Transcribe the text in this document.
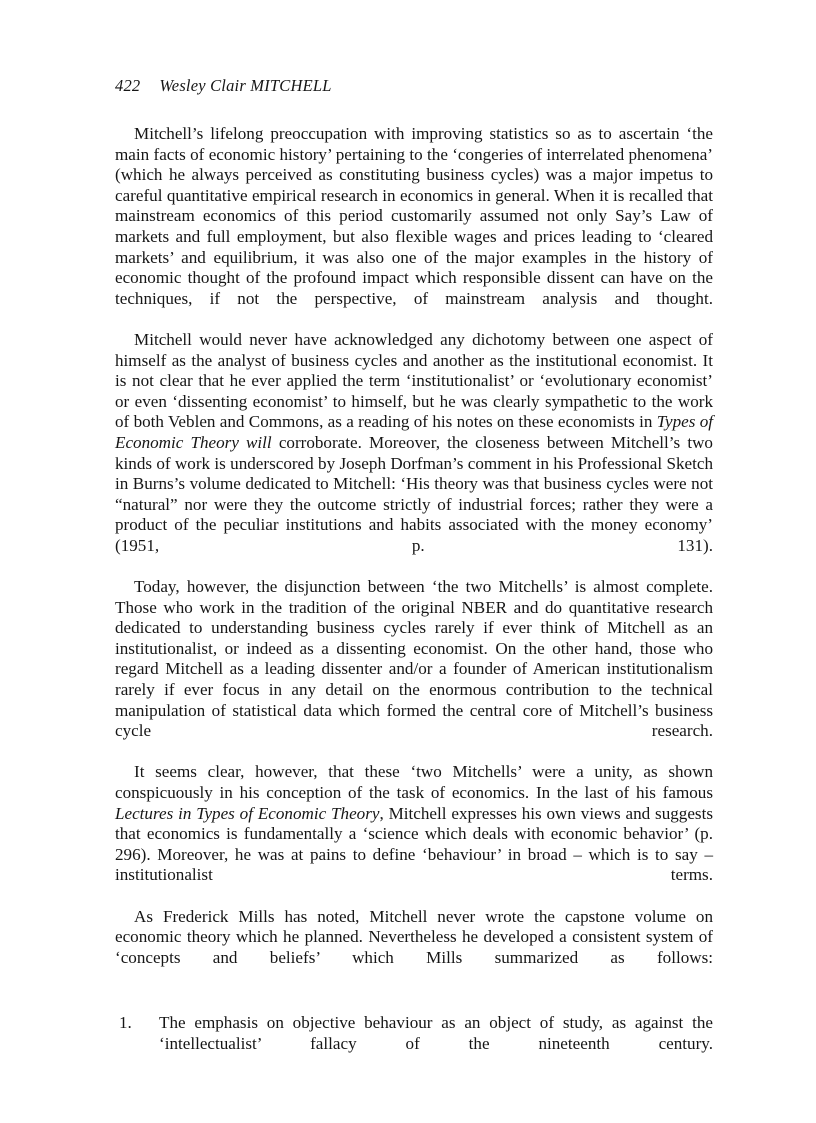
422 Wesley Clair MITCHELL

Mitchell’s lifelong preoccupation with improving statistics so as to ascertain ‘the main facts of economic history’ pertaining to the ‘congeries of interrelated phenomena’ (which he always perceived as constituting business cycles) was a major impetus to careful quantitative empirical research in economics in general. When it is recalled that mainstream economics of this period customarily assumed not only Say’s Law of markets and full employment, but also flexible wages and prices leading to ‘cleared markets’ and equilibrium, it was also one of the major examples in the history of economic thought of the profound impact which responsible dissent can have on the techniques, if not the perspective, of mainstream analysis and thought.

Mitchell would never have acknowledged any dichotomy between one aspect of himself as the analyst of business cycles and another as the institutional economist. It is not clear that he ever applied the term ‘institutionalist’ or ‘evolutionary economist’ or even ‘dissenting economist’ to himself, but he was clearly sympathetic to the work of both Veblen and Commons, as a reading of his notes on these economists in Types of Economic Theory will corroborate. Moreover, the closeness between Mitchell’s two kinds of work is underscored by Joseph Dorfman’s comment in his Professional Sketch in Burns’s volume dedicated to Mitchell: ‘His theory was that business cycles were not “natural” nor were they the outcome strictly of industrial forces; rather they were a product of the peculiar institutions and habits associated with the money economy’ (1951, p. 131).

Today, however, the disjunction between ‘the two Mitchells’ is almost complete. Those who work in the tradition of the original NBER and do quantitative research dedicated to understanding business cycles rarely if ever think of Mitchell as an institutionalist, or indeed as a dissenting economist. On the other hand, those who regard Mitchell as a leading dissenter and/or a founder of American institutionalism rarely if ever focus in any detail on the enormous contribution to the technical manipulation of statistical data which formed the central core of Mitchell’s business cycle research.

It seems clear, however, that these ‘two Mitchells’ were a unity, as shown conspicuously in his conception of the task of economics. In the last of his famous Lectures in Types of Economic Theory, Mitchell expresses his own views and suggests that economics is fundamentally a ‘science which deals with economic behavior’ (p. 296). Moreover, he was at pains to define ‘behaviour’ in broad – which is to say – institutionalist terms.

As Frederick Mills has noted, Mitchell never wrote the capstone volume on economic theory which he planned. Nevertheless he developed a consistent system of ‘concepts and beliefs’ which Mills summarized as follows:

1.	The emphasis on objective behaviour as an object of study, as against the ‘intellectualist’ fallacy of the nineteenth century.
